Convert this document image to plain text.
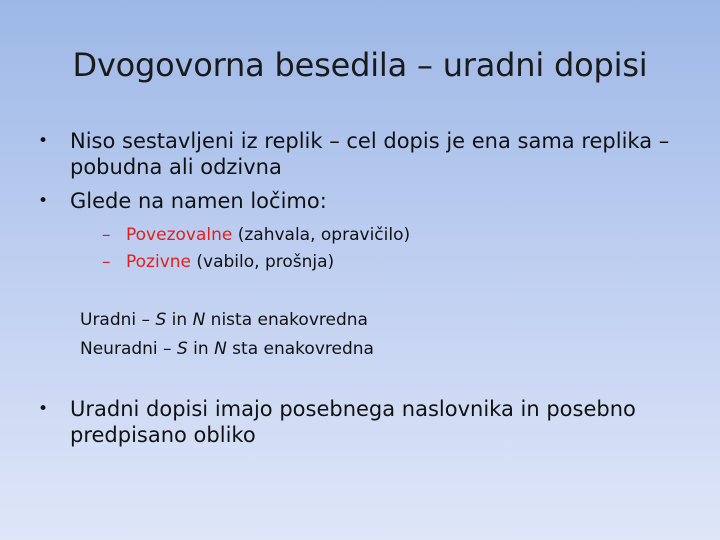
Dvogovorna besedila – uradni dopisi
• Niso sestavljeni iz replik – cel dopis je ena sama replika – pobudna ali odzivna
• Glede na namen ločimo:
– Povezovalne (zahvala, opravičilo)
– Pozivne (vabilo, prošnja)
Uradni – S in N nista enakovredna
Neuradni – S in N sta enakovredna
• Uradni dopisi imajo posebnega naslovnika in posebno predpisano obliko
